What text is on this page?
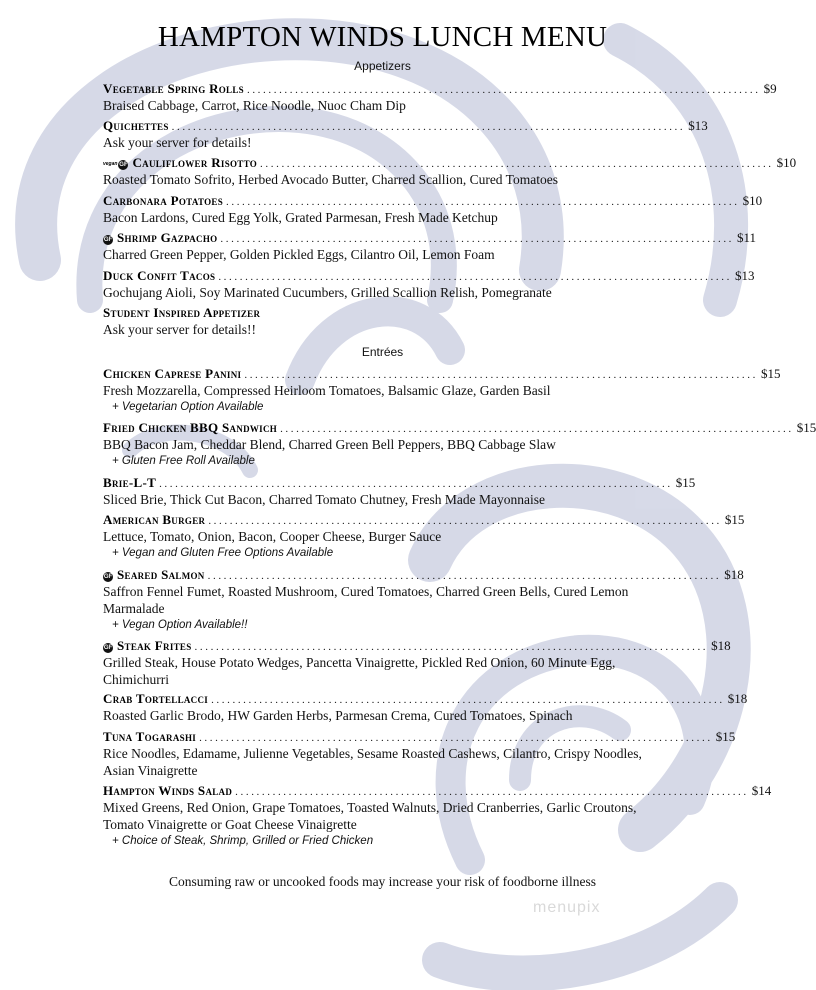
HAMPTON WINDS LUNCH MENU
Appetizers
Vegetable Spring Rolls ................................................................................................ $9
Braised Cabbage, Carrot, Rice Noodle, Nuoc Cham Dip
Quichettes ................................................................................................ $13
Ask your server for details!
vegan GF Cauliflower Risotto ................................................................................................ $10
Roasted Tomato Sofrito, Herbed Avocado Butter, Charred Scallion, Cured Tomatoes
Carbonara Potatoes ................................................................................................ $10
Bacon Lardons, Cured Egg Yolk, Grated Parmesan, Fresh Made Ketchup
GF Shrimp Gazpacho ................................................................................................ $11
Charred Green Pepper, Golden Pickled Eggs, Cilantro Oil, Lemon Foam
Duck Confit Tacos ................................................................................................ $13
Gochujang Aioli, Soy Marinated Cucumbers, Grilled Scallion Relish, Pomegranate
Student Inspired Appetizer
Ask your server for details!!
Entrées
Chicken Caprese Panini ................................................................................................ $15
Fresh Mozzarella, Compressed Heirloom Tomatoes, Balsamic Glaze, Garden Basil
+ Vegetarian Option Available
Fried Chicken BBQ Sandwich ................................................................................................ $15
BBQ Bacon Jam, Cheddar Blend, Charred Green Bell Peppers, BBQ Cabbage Slaw
+ Gluten Free Roll Available
Brie-L-T ................................................................................................ $15
Sliced Brie, Thick Cut Bacon, Charred Tomato Chutney, Fresh Made Mayonnaise
American Burger ................................................................................................ $15
Lettuce, Tomato, Onion, Bacon, Cooper Cheese, Burger Sauce
+ Vegan and Gluten Free Options Available
GF Seared Salmon ................................................................................................ $18
Saffron Fennel Fumet, Roasted Mushroom, Cured Tomatoes, Charred Green Bells, Cured Lemon Marmalade
+ Vegan Option Available!!
GF Steak Frites ................................................................................................ $18
Grilled Steak, House Potato Wedges, Pancetta Vinaigrette, Pickled Red Onion, 60 Minute Egg, Chimichurri
Crab Tortellacci ................................................................................................ $18
Roasted Garlic Brodo, HW Garden Herbs, Parmesan Crema, Cured Tomatoes, Spinach
Tuna Togarashi ................................................................................................ $15
Rice Noodles, Edamame, Julienne Vegetables, Sesame Roasted Cashews, Cilantro, Crispy Noodles, Asian Vinaigrette
Hampton Winds Salad ................................................................................................ $14
Mixed Greens, Red Onion, Grape Tomatoes, Toasted Walnuts, Dried Cranberries, Garlic Croutons, Tomato Vinaigrette or Goat Cheese Vinaigrette
+ Choice of Steak, Shrimp, Grilled or Fried Chicken
Consuming raw or uncooked foods may increase your risk of foodborne illness
menupix
